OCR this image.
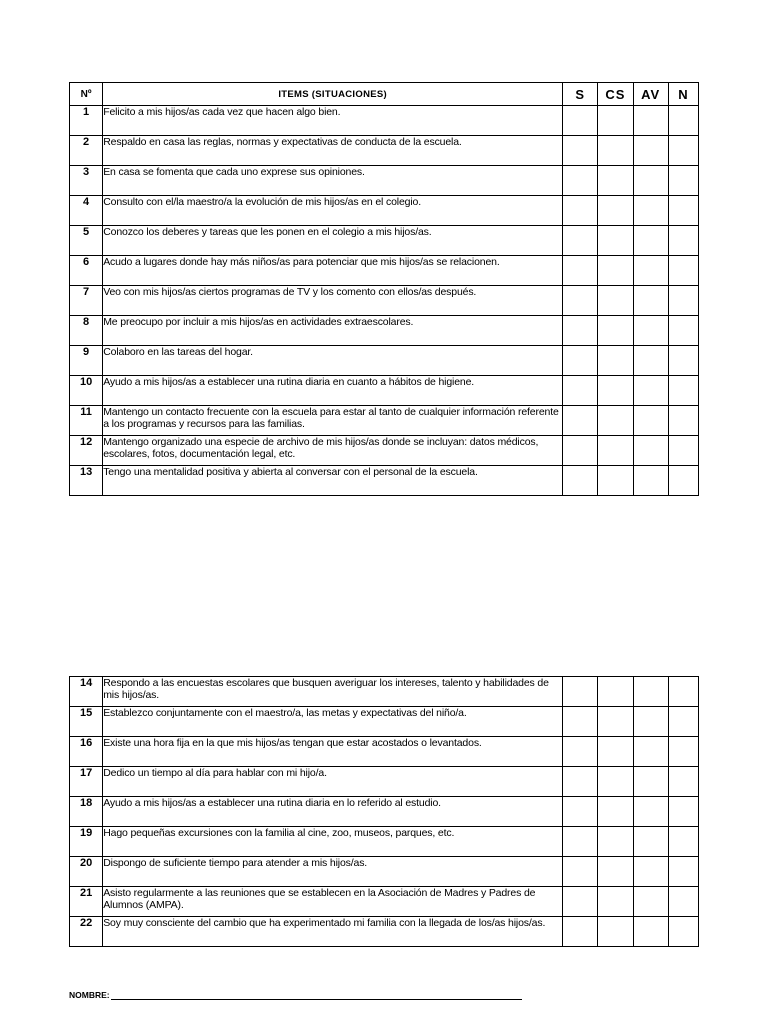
Nº	ITEMS (SITUACIONES)	S	CS	AV	N
1	Felicito a mis hijos/as cada vez que hacen algo bien.				
2	Respaldo en casa las reglas, normas y expectativas de conducta de la escuela.				
3	En casa se fomenta que cada uno exprese sus opiniones.				
4	Consulto con el/la maestro/a la evolución de mis hijos/as en el colegio.				
5	Conozco los deberes y tareas que les ponen en el colegio a mis hijos/as.				
6	Acudo a lugares donde hay más niños/as para potenciar que mis hijos/as se relacionen.				
7	Veo con mis hijos/as ciertos programas de TV y los comento con ellos/as después.				
8	Me preocupo por incluir a mis hijos/as en actividades extraescolares.				
9	Colaboro en las tareas del hogar.				
10	Ayudo a mis hijos/as a establecer una rutina diaria en cuanto a hábitos de higiene.				
11	Mantengo un contacto frecuente con la escuela para estar al tanto de cualquier información referente a los programas y recursos para las familias.				
12	Mantengo organizado una especie de archivo de mis hijos/as donde se incluyan: datos médicos, escolares, fotos, documentación legal, etc.				
13	Tengo una mentalidad positiva y abierta al conversar con el personal de la escuela.				
14	Respondo a las encuestas escolares que busquen averiguar los intereses, talento y habilidades de mis hijos/as.				
15	Establezco conjuntamente con el maestro/a, las metas y expectativas del niño/a.				
16	Existe una hora fija en la que mis hijos/as tengan que estar acostados o levantados.				
17	Dedico un tiempo al día para hablar con mi hijo/a.				
18	Ayudo a mis hijos/as a establecer una rutina diaria en lo referido al estudio.				
19	Hago pequeñas excursiones con la familia al cine, zoo, museos, parques, etc.				
20	Dispongo de suficiente tiempo para atender a mis hijos/as.				
21	Asisto regularmente a las reuniones que se establecen en la Asociación de Madres y Padres de Alumnos (AMPA).				
22	Soy muy consciente del cambio que ha experimentado mi familia con la llegada de los/as hijos/as.				
NOMBRE:
